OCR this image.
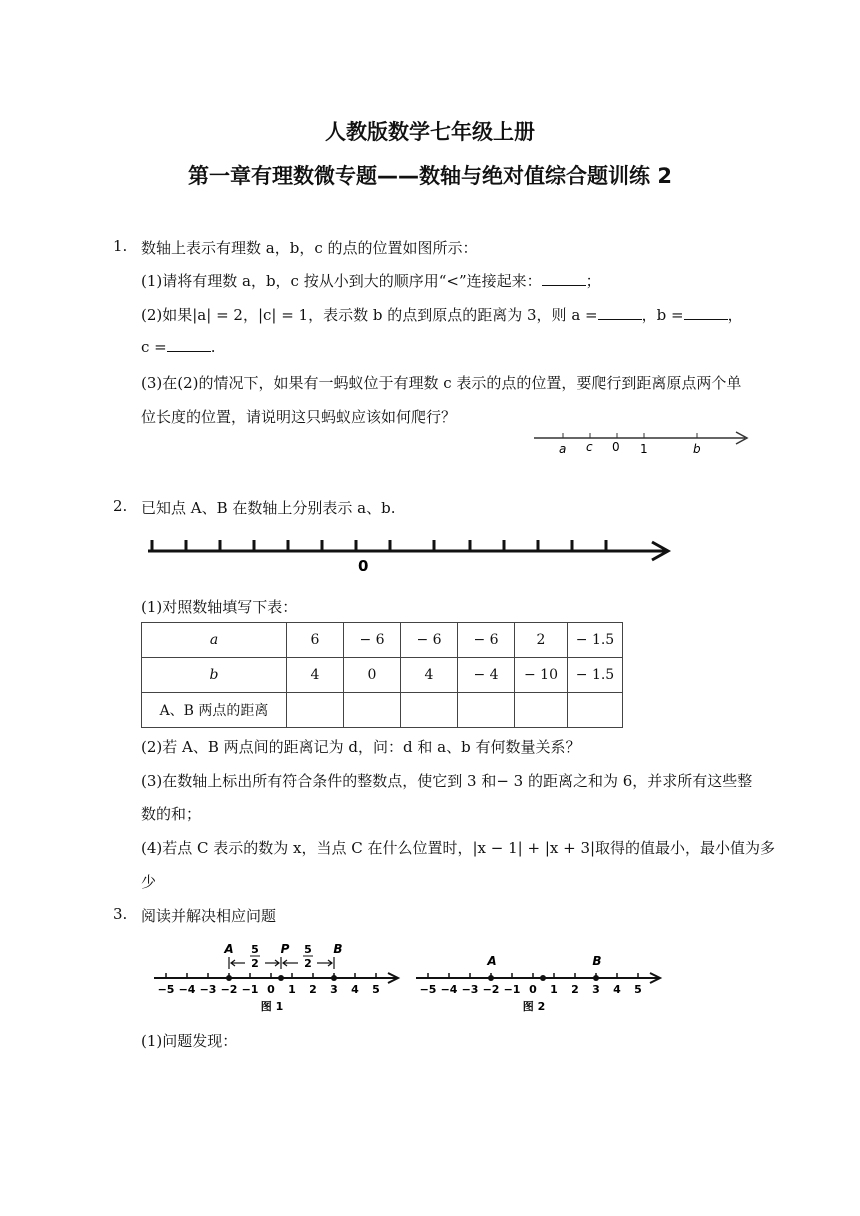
人教版数学七年级上册
第一章有理数微专题——数轴与绝对值综合题训练 2
1. 数轴上表示有理数 a，b，c 的点的位置如图所示：
(1)请将有理数 a，b，c 按从小到大的顺序用“<”连接起来：	；
(2)如果|a| = 2，|c| = 1，表示数 b 的点到原点的距离为 3，则 a =	，b =	，
c =	.
(3)在(2)的情况下，如果有一蚂蚁位于有理数 c 表示的点的位置，要爬行到距离原点两个单
位长度的位置，请说明这只蚂蚁应该如何爬行？
a c 0 1	b
2. 已知点 A、B 在数轴上分别表示 a、b.
0
(1)对照数轴填写下表：
a	6	− 6	− 6	− 6	2	− 1.5
b	4	0	4	− 4	− 10	− 1.5
A、B 两点的距离						
(2)若 A、B 两点间的距离记为 d，问：d 和 a、b 有何数量关系？
(3)在数轴上标出所有符合条件的整数点，使它到 3 和− 3 的距离之和为 6，并求所有这些整
数的和；
(4)若点 C 表示的数为 x，当点 C 在什么位置时，|x − 1| + |x + 3|取得的值最小，最小值为多
少
3. 阅读并解决相应问题
−5 −4 −3 −2 −1 0 1 2 3 4 5
A	P	B
5
2
5
2
图 1
−5 −4 −3 −2 −1 0 1 2 3 4 5
A	B
图 2
(1)问题发现：
